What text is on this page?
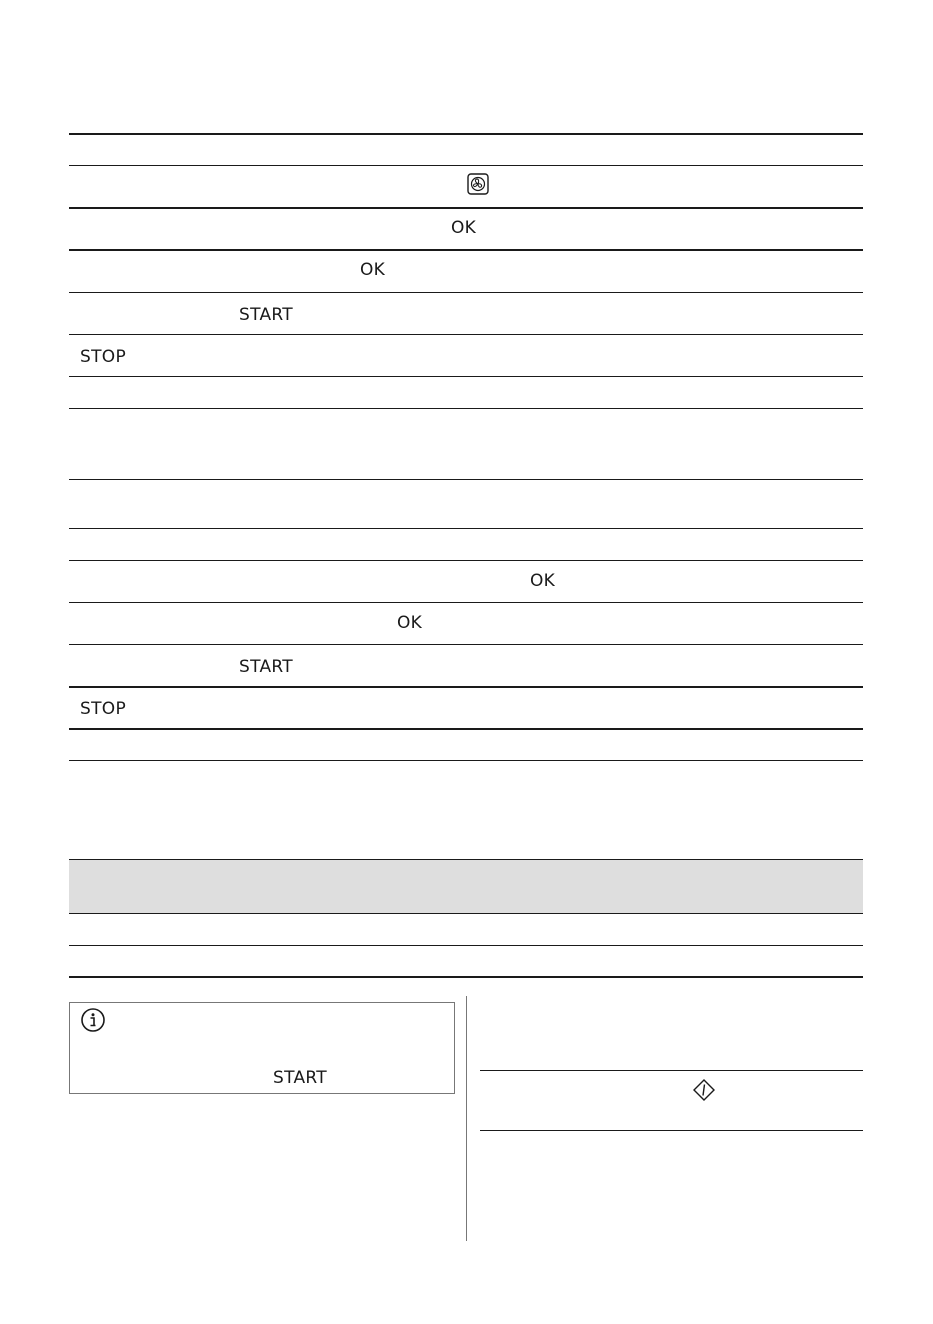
OK
OK
START
STOP
OK
OK
START
STOP
START
